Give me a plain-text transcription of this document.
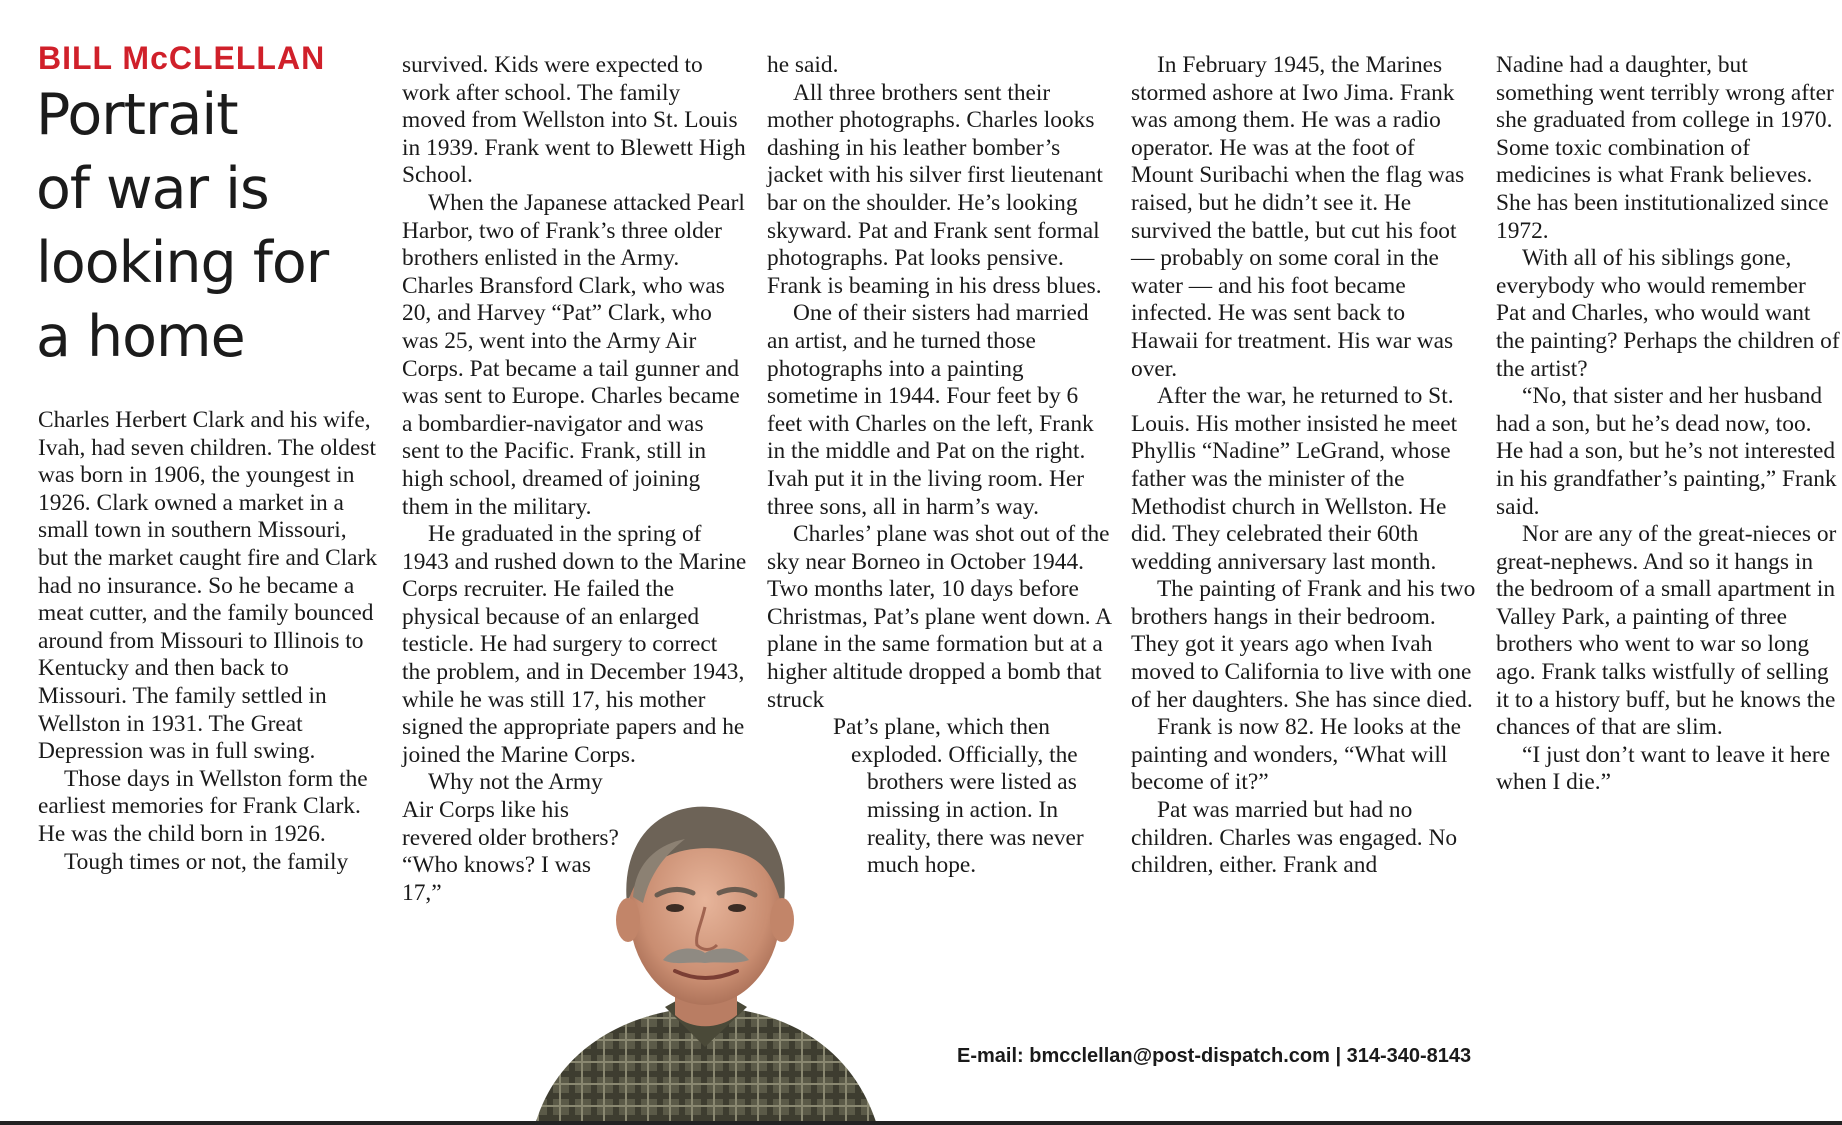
BILL McCLELLAN
Portrait
of war is
looking for
a home

Charles Herbert Clark and his wife, Ivah, had seven children. The oldest was born in 1906, the youngest in 1926. Clark owned a market in a small town in southern Missouri, but the market caught fire and Clark had no insurance. So he became a meat cutter, and the family bounced around from Missouri to Illinois to Kentucky and then back to Missouri. The family settled in Wellston in 1931. The Great Depression was in full swing.

Those days in Wellston form the earliest memories for Frank Clark. He was the child born in 1926.

Tough times or not, the family

survived. Kids were expected to work after school. The family moved from Wellston into St. Louis in 1939. Frank went to Blewett High School.

When the Japanese attacked Pearl Harbor, two of Frank’s three older brothers enlisted in the Army. Charles Bransford Clark, who was 20, and Harvey “Pat” Clark, who was 25, went into the Army Air Corps. Pat became a tail gunner and was sent to Europe. Charles became a bombardier-navigator and was sent to the Pacific. Frank, still in high school, dreamed of joining them in the military.

He graduated in the spring of 1943 and rushed down to the Marine Corps recruiter. He failed the physical because of an enlarged testicle. He had surgery to correct the problem, and in December 1943, while he was still 17, his mother signed the appropriate papers and he joined the Marine Corps.

Why not the Army Air Corps like his revered older brothers? “Who knows? I was 17,”

he said.

All three brothers sent their mother photographs. Charles looks dashing in his leather bomber’s jacket with his silver first lieutenant bar on the shoulder. He’s looking skyward. Pat and Frank sent formal photographs. Pat looks pensive. Frank is beaming in his dress blues.

One of their sisters had married an artist, and he turned those photographs into a painting sometime in 1944. Four feet by 6 feet with Charles on the left, Frank in the middle and Pat on the right. Ivah put it in the living room. Her three sons, all in harm’s way.

Charles’ plane was shot out of the sky near Borneo in October 1944. Two months later, 10 days before Christmas, Pat’s plane went down. A plane in the same formation but at a higher altitude dropped a bomb that struck

Pat’s plane, which then

exploded. Officially, the

brothers were listed as missing in action. In reality, there was never much hope.

In February 1945, the Marines stormed ashore at Iwo Jima. Frank was among them. He was a radio operator. He was at the foot of Mount Suribachi when the flag was raised, but he didn’t see it. He survived the battle, but cut his foot — probably on some coral in the water — and his foot became infected. He was sent back to Hawaii for treatment. His war was over.

After the war, he returned to St. Louis. His mother insisted he meet Phyllis “Nadine” LeGrand, whose father was the minister of the Methodist church in Wellston. He did. They celebrated their 60th wedding anniversary last month.

The painting of Frank and his two brothers hangs in their bedroom. They got it years ago when Ivah moved to California to live with one of her daughters. She has since died.

Frank is now 82. He looks at the painting and wonders, “What will become of it?”

Pat was married but had no children. Charles was engaged. No children, either. Frank and

Nadine had a daughter, but something went terribly wrong after she graduated from college in 1970. Some toxic combination of medicines is what Frank believes. She has been institutionalized since 1972.

With all of his siblings gone, everybody who would remember Pat and Charles, who would want the painting? Perhaps the children of the artist?

“No, that sister and her husband had a son, but he’s dead now, too. He had a son, but he’s not interested in his grandfather’s painting,” Frank said.

Nor are any of the great-nieces or great-nephews. And so it hangs in the bedroom of a small apartment in Valley Park, a painting of three brothers who went to war so long ago. Frank talks wistfully of selling it to a history buff, but he knows the chances of that are slim.

“I just don’t want to leave it here when I die.”

E-mail: bmcclellan@post-dispatch.com | 314-340-8143
